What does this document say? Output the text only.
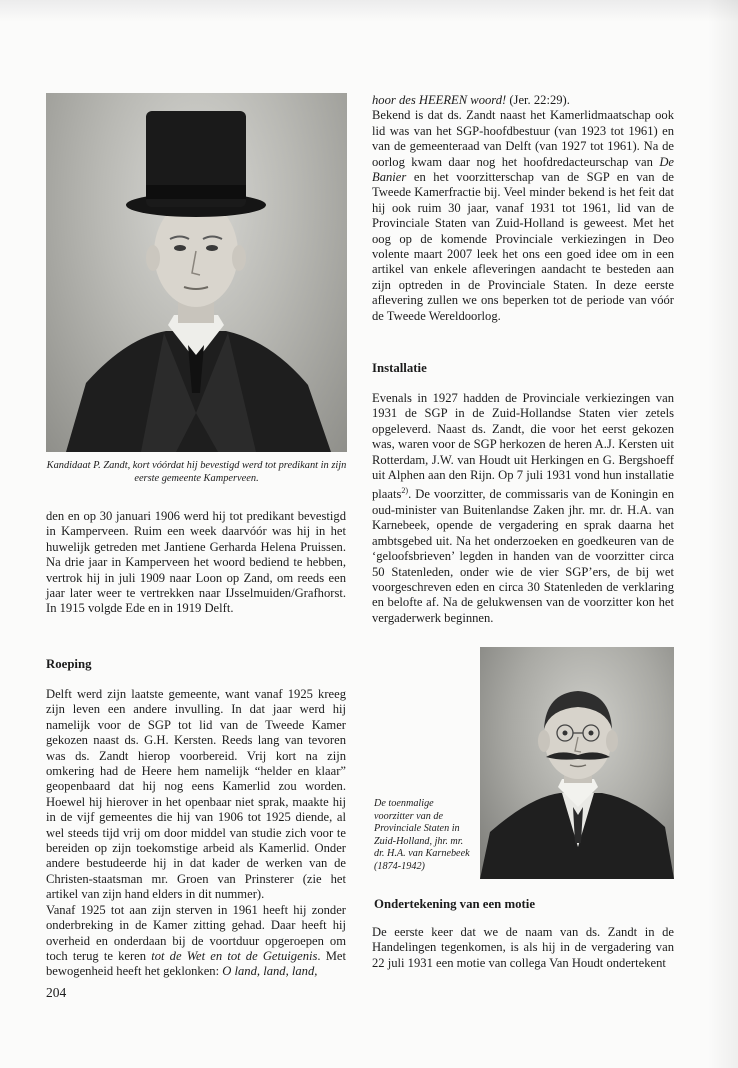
Kandidaat P. Zandt, kort vóórdat hij bevestigd werd tot predikant in zijn eerste gemeente Kamperveen.

den en op 30 januari 1906 werd hij tot predikant bevestigd in Kamperveen. Ruim een week daarvóór was hij in het huwelijk getreden met Jantiene Gerharda Helena Pruissen. Na drie jaar in Kamperveen het woord bediend te hebben, vertrok hij in juli 1909 naar Loon op Zand, om reeds een jaar later weer te vertrekken naar IJsselmuiden/Grafhorst. In 1915 volgde Ede en in 1919 Delft.

Roeping

Delft werd zijn laatste gemeente, want vanaf 1925 kreeg zijn leven een andere invulling. In dat jaar werd hij namelijk voor de SGP tot lid van de Tweede Kamer gekozen naast ds. G.H. Kersten. Reeds lang van tevoren was ds. Zandt hierop voorbereid. Vrij kort na zijn omkering had de Heere hem namelijk “helder en klaar” geopenbaard dat hij nog eens Kamerlid zou worden. Hoewel hij hierover in het openbaar niet sprak, maakte hij in de vijf gemeentes die hij van 1906 tot 1925 diende, al wel steeds tijd vrij om door middel van studie zich voor te bereiden op zijn toekomstige arbeid als Kamerlid. Onder andere bestudeerde hij in dat kader de werken van de Christen-staatsman mr. Groen van Prinsterer (zie het artikel van zijn hand elders in dit nummer).

Vanaf 1925 tot aan zijn sterven in 1961 heeft hij zonder onderbreking in de Kamer zitting gehad. Daar heeft hij overheid en onderdaan bij de voortduur opgeroepen om toch terug te keren tot de Wet en tot de Getuigenis. Met bewogenheid heeft het geklonken: O land, land, land,

hoor des HEEREN woord! (Jer. 22:29).

Bekend is dat ds. Zandt naast het Kamerlidmaatschap ook lid was van het SGP-hoofdbestuur (van 1923 tot 1961) en van de gemeenteraad van Delft (van 1927 tot 1961). Na de oorlog kwam daar nog het hoofdredacteurschap van De Banier en het voorzitterschap van de SGP en van de Tweede Kamerfractie bij. Veel minder bekend is het feit dat hij ook ruim 30 jaar, vanaf 1931 tot 1961, lid van de Provinciale Staten van Zuid-Holland is geweest. Met het oog op de komende Provinciale verkiezingen in Deo volente maart 2007 leek het ons een goed idee om in een artikel van enkele afleveringen aandacht te besteden aan zijn optreden in de Provinciale Staten. In deze eerste aflevering zullen we ons beperken tot de periode van vóór de Tweede Wereldoorlog.

Installatie

Evenals in 1927 hadden de Provinciale verkiezingen van 1931 de SGP in de Zuid-Hollandse Staten vier zetels opgeleverd. Naast ds. Zandt, die voor het eerst gekozen was, waren voor de SGP herkozen de heren A.J. Kersten uit Rotterdam, J.W. van Houdt uit Herkingen en G. Bergshoeff uit Alphen aan den Rijn. Op 7 juli 1931 vond hun installatie plaats$^{2)}$. De voorzitter, de commissaris van de Koningin en oud-minister van Buitenlandse Zaken jhr. mr. dr. H.A. van Karnebeek, opende de vergadering en sprak daarna het ambtsgebed uit. Na het onderzoeken en goedkeuren van de ‘geloofsbrieven’ legden in handen van de voorzitter circa 50 Statenleden, onder wie de vier SGP’ers, de bij wet voorgeschreven eden en circa 30 Statenleden de verklaring en belofte af. Na de gelukwensen van de voorzitter kon het vergaderwerk beginnen.

De toenmalige voorzitter van de Provinciale Staten in Zuid-Holland, jhr. mr. dr. H.A. van Karnebeek (1874-1942)
Ondertekening van een motie

De eerste keer dat we de naam van ds. Zandt in de Handelingen tegenkomen, is als hij in de vergadering van 22 juli 1931 een motie van collega Van Houdt ondertekent

204
